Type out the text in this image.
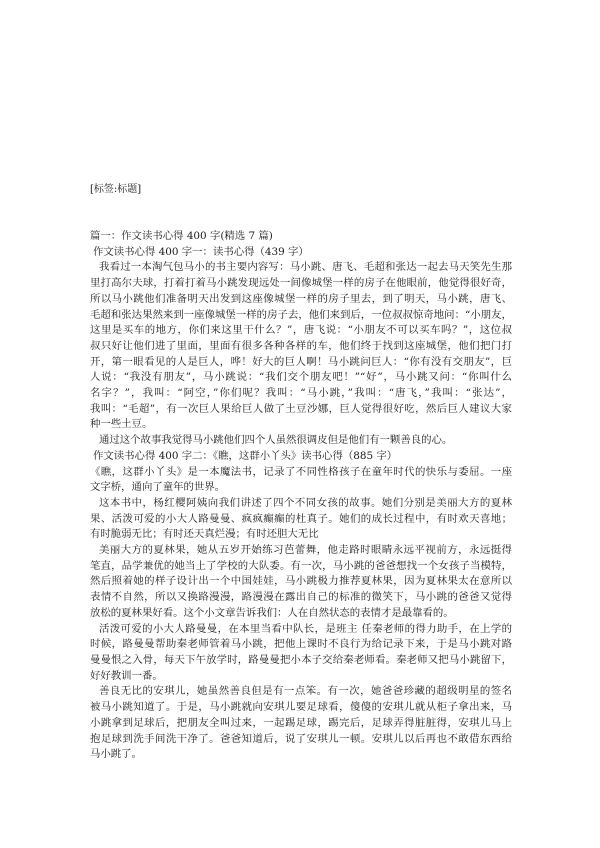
[标签:标题]
篇一：作文读书心得 400 字(精选 7 篇)
作文读书心得 400 字一：读书心得（439 字）
我看过一本淘气包马小的书主要内容写：马小跳、唐飞、毛超和张达一起去马天笑先生那
里打高尔夫球，打着打着马小跳发现远处一间像城堡一样的房子在他眼前，他觉得很好奇，
所以马小跳他们准备明天出发到这座像城堡一样的房子里去，到了明天，马小跳，唐飞、
毛超和张达果然来到一座像城堡一样的房子去，他们来到后，一位叔叔惊奇地问：“小朋友，
这里是买车的地方，你们来这里干什么？”，唐飞说：“小朋友不可以买车吗？”，这位叔
叔只好让他们进了里面，里面有很多各种各样的车，他们终于找到这座城堡，他们把门打
开，第一眼看见的人是巨人，哗！好大的巨人啊！马小跳问巨人：“你有没有交朋友”，巨
人说：“我没有朋友”，马小跳说：“我们交个朋友吧！”“好”，马小跳又问：“你叫什么
名字？”，我叫：“阿空，”你们呢？我叫：“马小跳，”我叫：“唐飞，”我叫：“张达”，
我叫：“毛超”，有一次巨人果给巨人做了土豆沙娜，巨人觉得很好吃，然后巨人建议大家
种一些土豆。
通过这个故事我觉得马小跳他们四个人虽然很调皮但是他们有一颗善良的心。
作文读书心得 400 字二：《瞧，这群小丫头》读书心得（885 字）
《瞧，这群小丫头》是一本魔法书，记录了不同性格孩子在童年时代的快乐与委屈。一座
文字桥，通向了童年的世界。
这本书中，杨红樱阿姨向我们讲述了四个不同女孩的故事。她们分别是美丽大方的夏林
果、活泼可爱的小大人路曼曼、疯疯癫癫的杜真子。她们的成长过程中，有时欢天喜地；
有时脆弱无比；有时还天真烂漫；有时还胆大无比
美丽大方的夏林果，她从五岁开始练习芭蕾舞，他走路时眼睛永远平视前方，永远挺得
笔直，品学兼优的她当上了学校的大队委。有一次，马小跳的爸爸想找一个女孩子当模特，
然后照着她的样子设计出一个中国娃娃，马小跳极力推荐夏林果，因为夏林果太在意所以
表情不自然，所以又换路漫漫，路漫漫在露出自己的标准的微笑下，马小跳的爸爸又觉得
放松的夏林果好看。这个小文章告诉我们：人在自然状态的表情才是最靠看的。
活泼可爱的小大人路曼曼，在本里当看中队长，是班主 任秦老师的得力助手，在上学的
时候，路曼曼帮助秦老师管着马小跳，把他上课时不良行为给记录下来，于是马小跳对路
曼曼恨之入骨，每天下午放学时，路曼曼把小本子交给秦老师看。秦老师又把马小跳留下，
好好教训一番。
善良无比的安琪儿，她虽然善良但是有一点笨。有一次，她爸爸珍藏的超级明星的签名
被马小跳知道了。于是，马小跳就向安琪儿要足球看，傻傻的安琪儿就从柜子拿出来，马
小跳拿到足球后，把朋友全叫过来，一起踢足球，踢完后，足球弄得脏脏得，安琪儿马上
抱足球到洗手间洗干净了。爸爸知道后，说了安琪儿一顿。安琪儿以后再也不敢借东西给
马小跳了。
